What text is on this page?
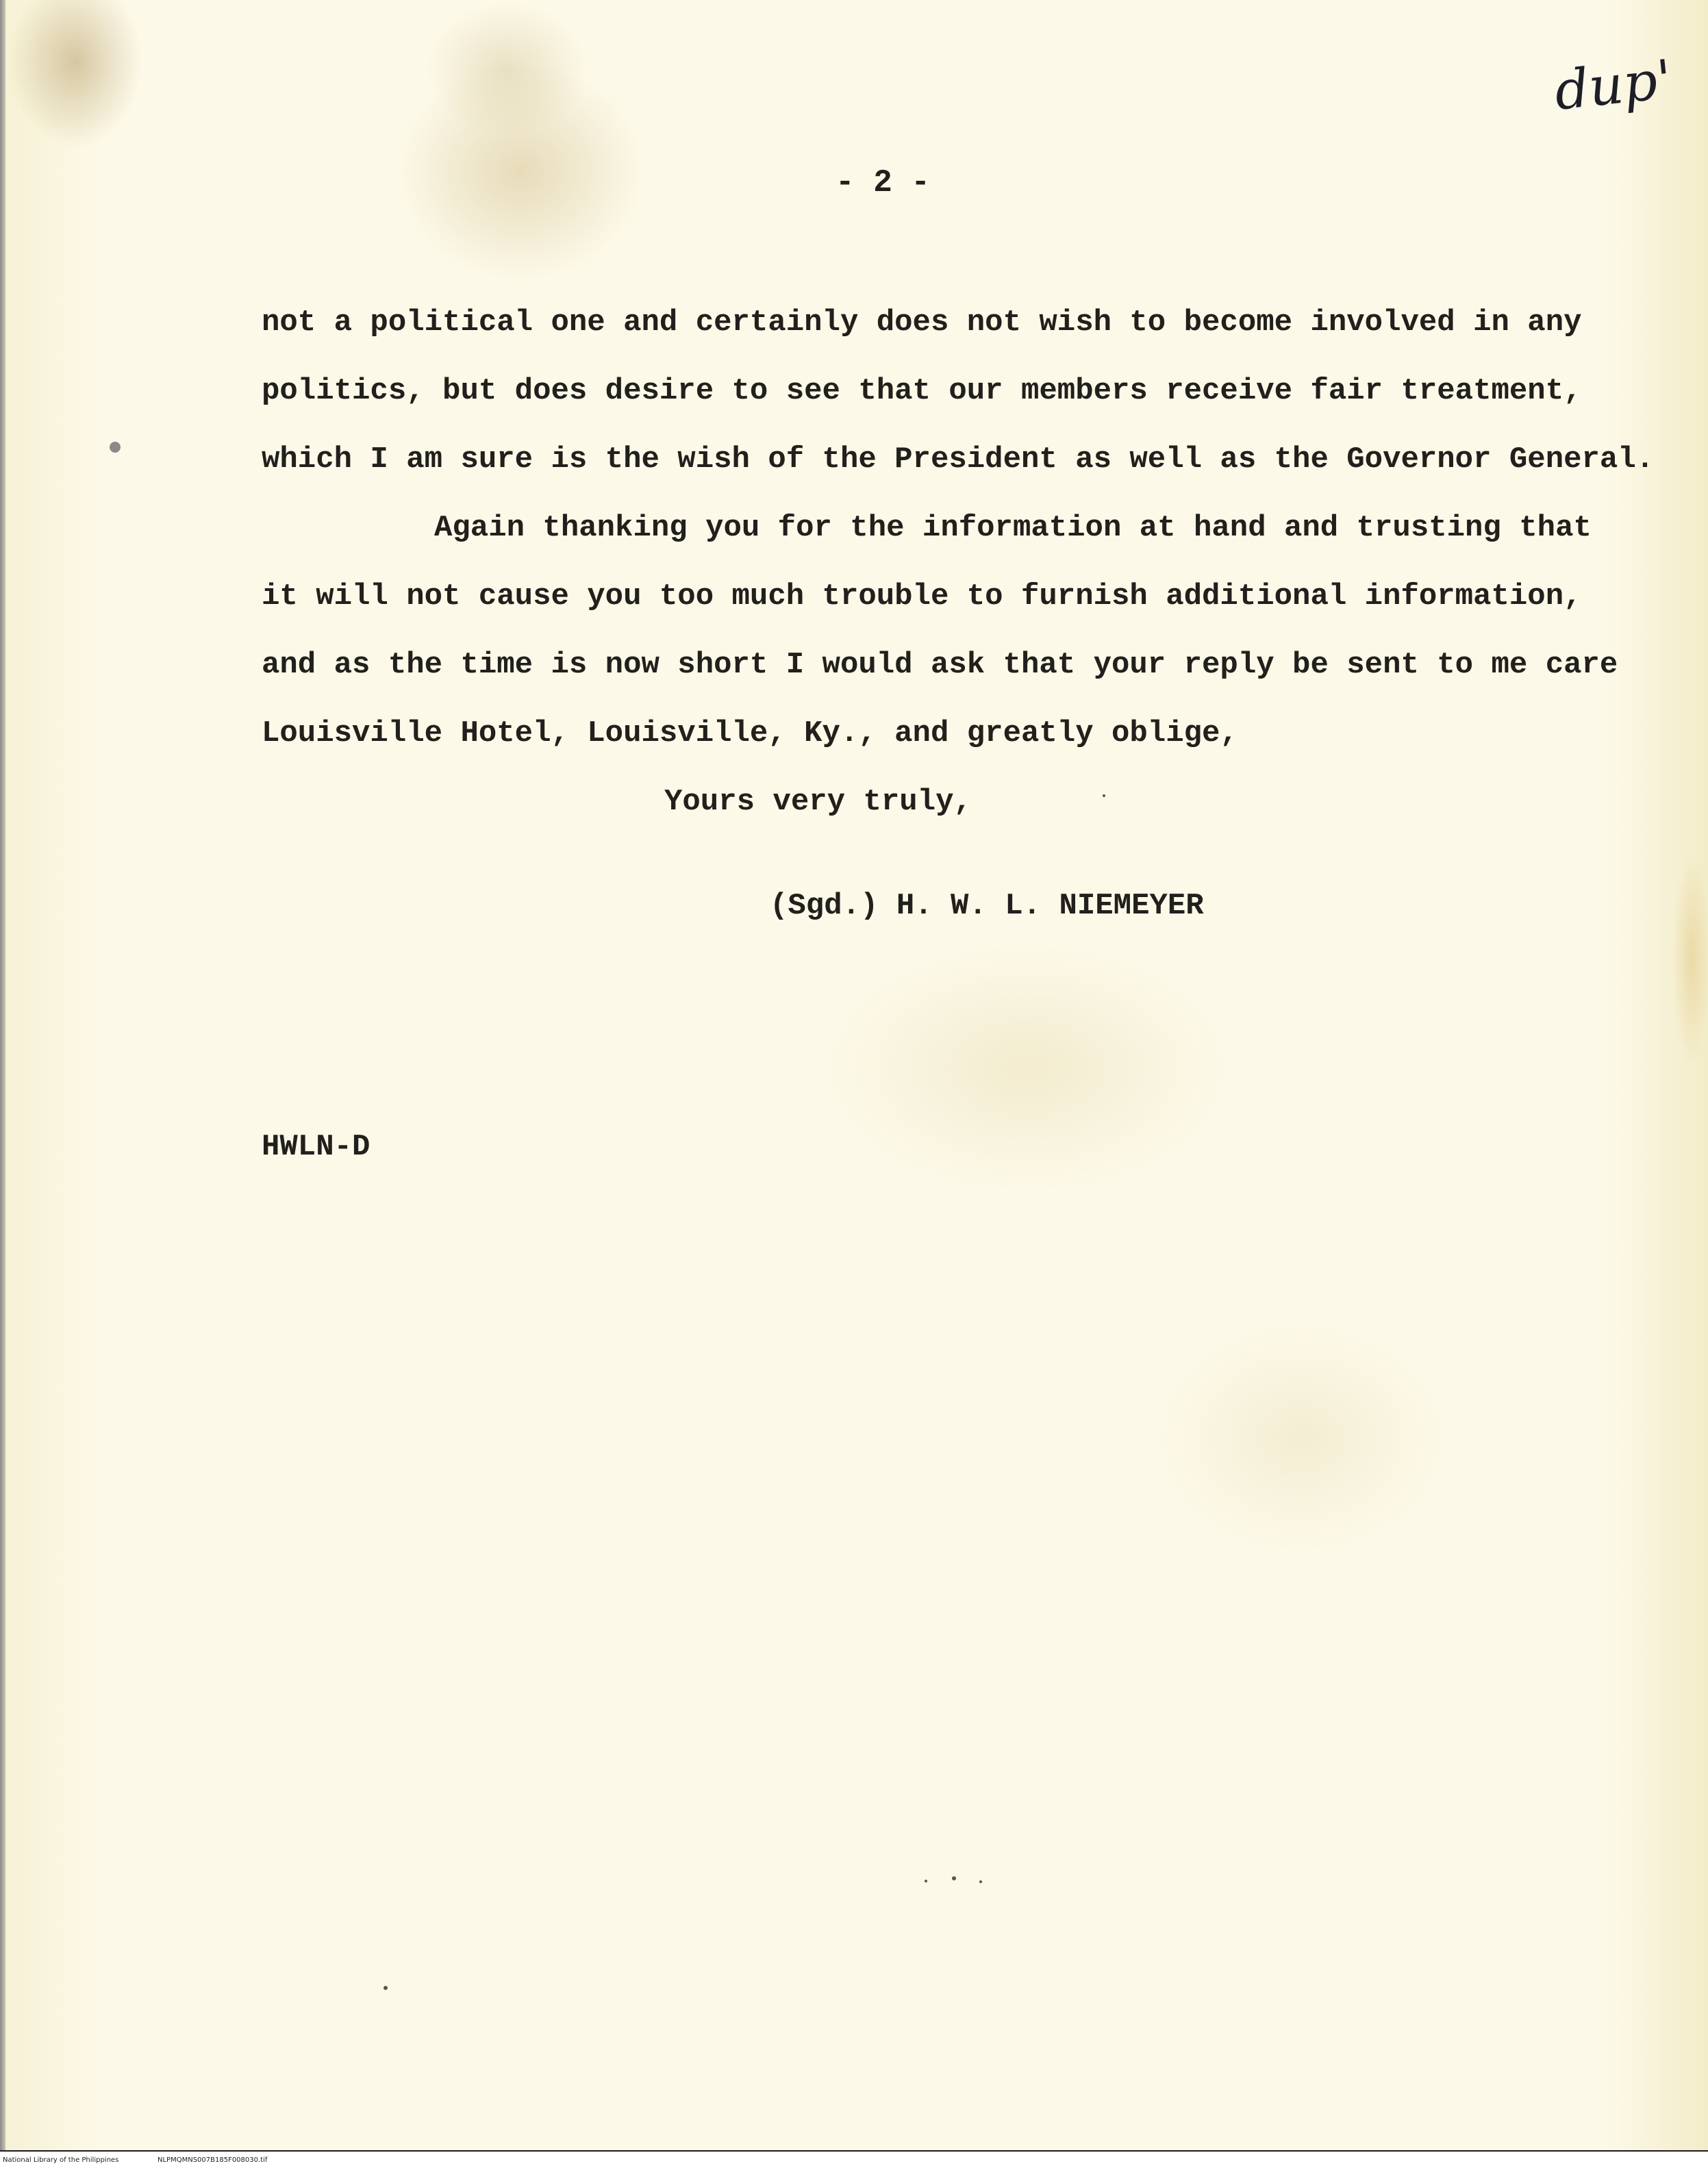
dup'
- 2 -
not a political one and certainly does not wish to become involved in any
politics, but does desire to see that our members receive fair treatment,
which I am sure is the wish of the President as well as the Governor General.
Again thanking you for the information at hand and trusting that
it will not cause you too much trouble to furnish additional information,
and as the time is now short I would ask that your reply be sent to me care
Louisville Hotel, Louisville, Ky., and greatly oblige,
Yours very truly,
(Sgd.) H. W. L. NIEMEYER
HWLN-D
National Library of the Philippines	NLPMQMNS007B185F008030.tif
